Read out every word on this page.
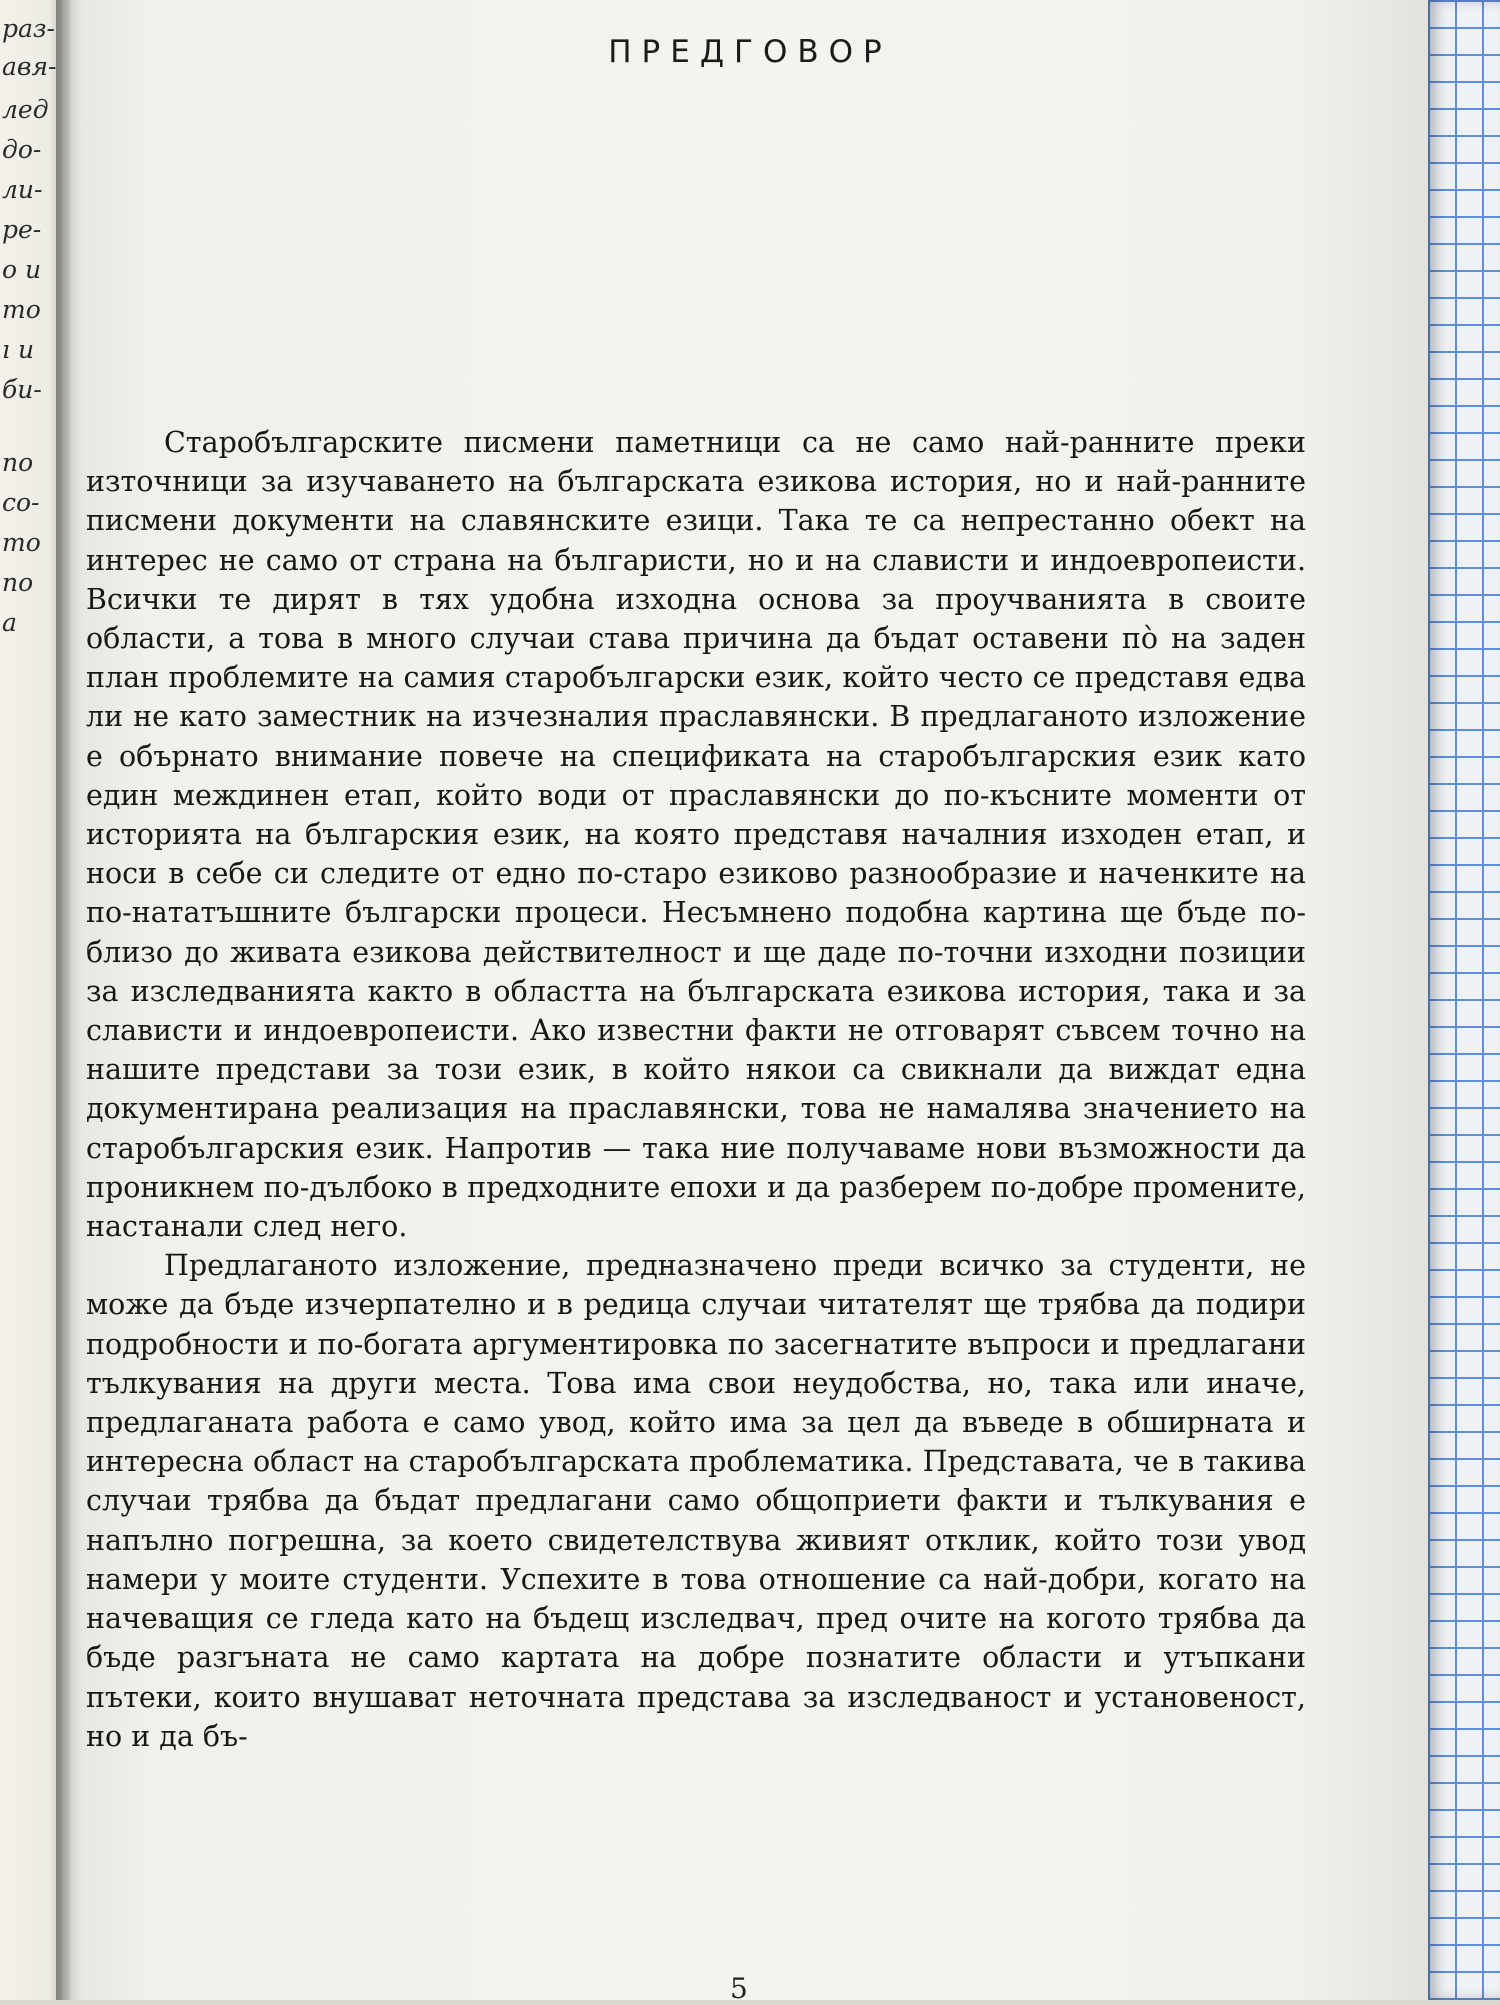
раз-
авя-
лед
до-
ли-
ре-
о и
то
ı и
би-
по
со-
то
по
а
ПРЕДГОВОР

Старобългарските писмени паметници са не само най-ранните преки източници за изучаването на българската езикова история, но и най-ранните писмени документи на славянските езици. Така те са непрестанно обект на интерес не само от страна на българисти, но и на слависти и индоевропеисти. Всички те дирят в тях удобна изходна основа за проучванията в своите области, а това в много случаи става причина да бъдат оставени пò на заден план проблемите на самия старобългарски език, който често се представя едва ли не като заместник на изчезналия праславянски. В предлаганото изложение е обърнато внимание повече на спецификата на старобългарския език като един междинен етап, който води от праславянски до по-късните моменти от историята на българския език, на която представя началния изходен етап, и носи в себе си следите от едно по-старо езиково разнообразие и наченките на по-нататъшните български процеси. Несъмнено подобна картина ще бъде по-близо до живата езикова действителност и ще даде по-точни изходни позиции за изследванията както в областта на българската езикова история, така и за слависти и индоевропеисти. Ако известни факти не отговарят съвсем точно на нашите представи за този език, в който някои са свикнали да виждат една документирана реализация на праславянски, това не намалява значението на старобългарския език. Напротив — така ние получаваме нови възможности да проникнем по-дълбоко в предходните епохи и да разберем по-добре промените, настанали след него.

Предлаганото изложение, предназначено преди всичко за студенти, не може да бъде изчерпателно и в редица случаи читателят ще трябва да подири подробности и по-богата аргументировка по засегнатите въпроси и предлагани тълкувания на други места. Това има свои неудобства, но, така или иначе, предлаганата работа е само увод, който има за цел да въведе в обширната и интересна област на старобългарската проблематика. Представата, че в такива случаи трябва да бъдат предлагани само общоприети факти и тълкувания е напълно погрешна, за което свидетелствува живият отклик, който този увод намери у моите студенти. Успехите в това отношение са най-добри, когато на начеващия се гледа като на бъдещ изследвач, пред очите на когото трябва да бъде разгъната не само картата на добре познатите области и утъпкани пътеки, които внушават неточната представа за изследваност и установеност, но и да бъ-

5
